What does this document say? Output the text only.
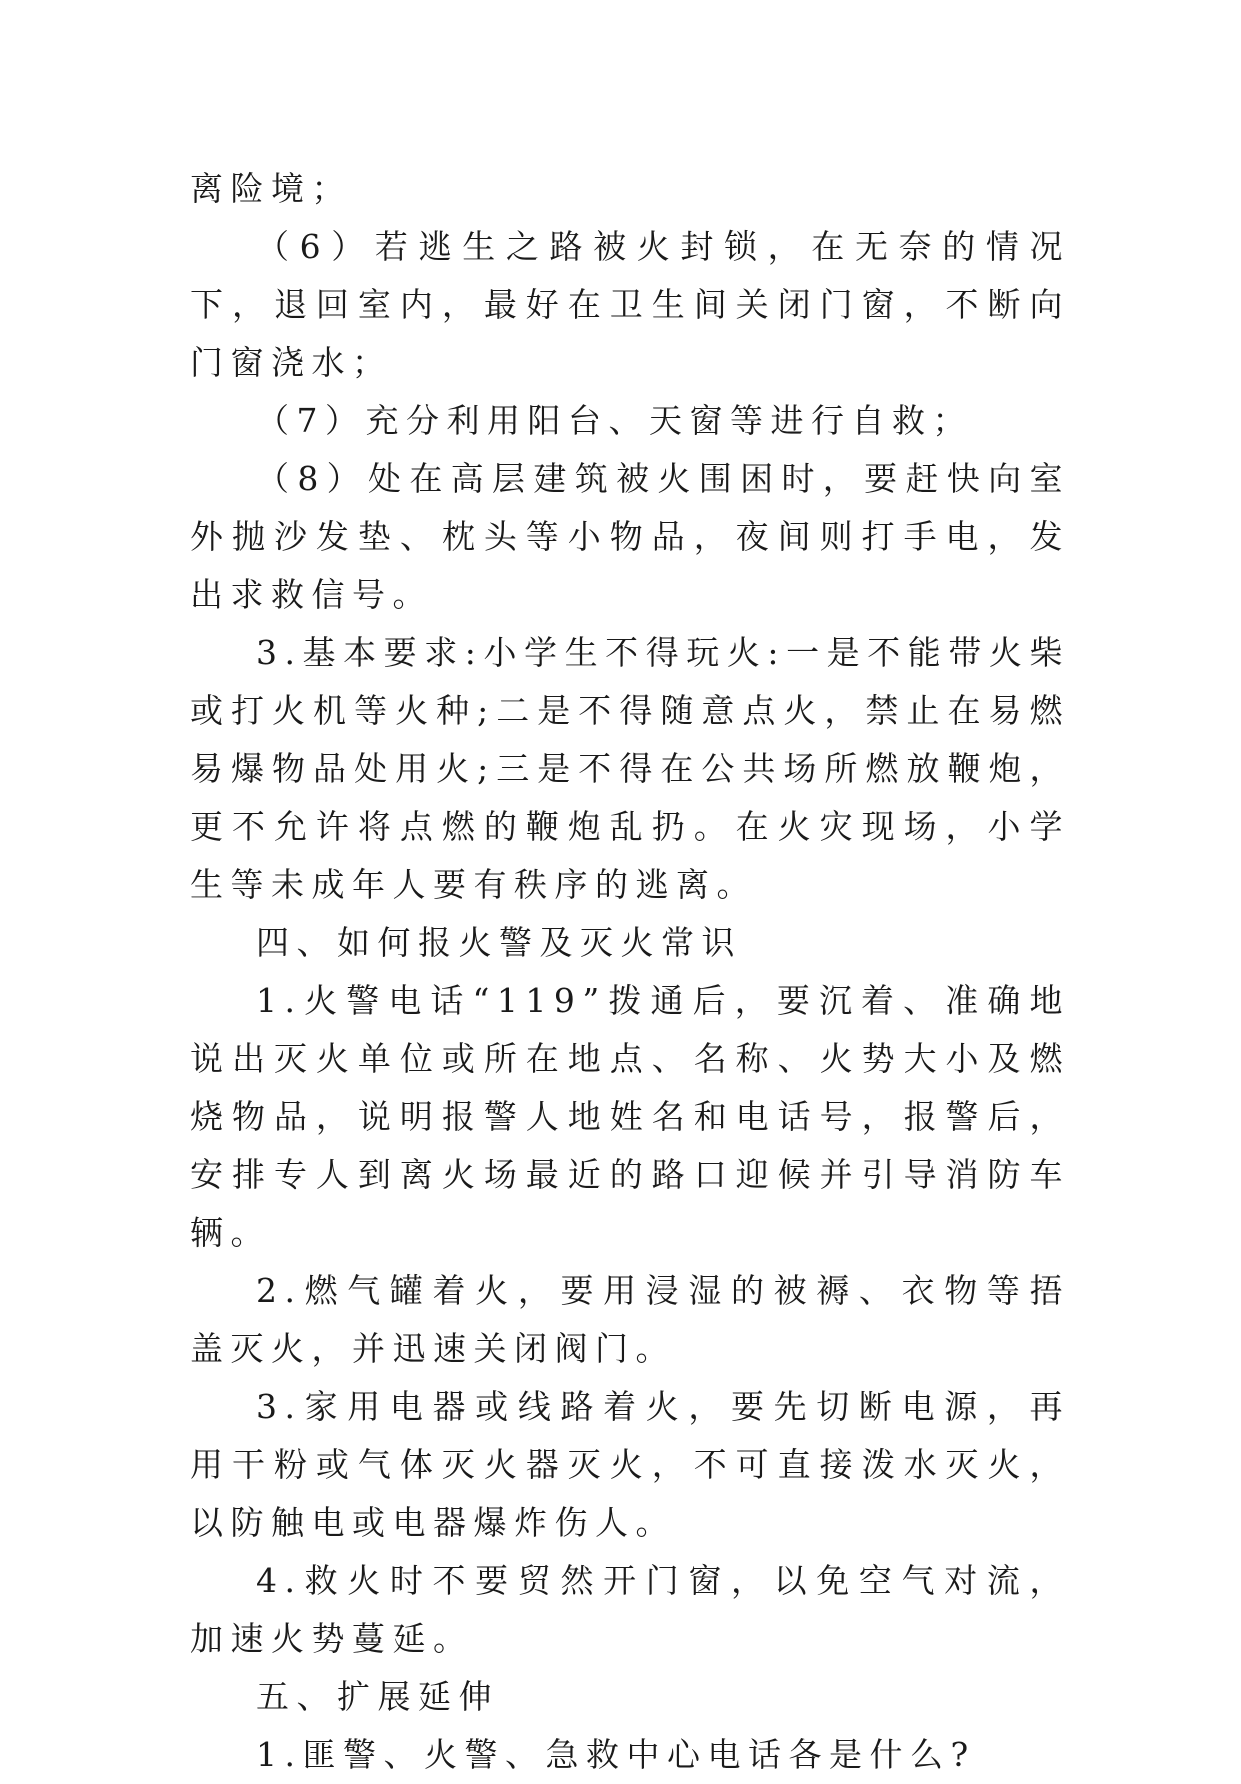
离险境；

（6）若逃生之路被火封锁，在无奈的情况下，退回室内，最好在卫生间关闭门窗，不断向门窗浇水；

（7）充分利用阳台、天窗等进行自救；

（8）处在高层建筑被火围困时，要赶快向室外抛沙发垫、枕头等小物品，夜间则打手电，发出求救信号。

3.基本要求:小学生不得玩火:一是不能带火柴或打火机等火种;二是不得随意点火，禁止在易燃易爆物品处用火;三是不得在公共场所燃放鞭炮，更不允许将点燃的鞭炮乱扔。在火灾现场，小学生等未成年人要有秩序的逃离。

四、如何报火警及灭火常识

1.火警电话“119”拨通后，要沉着、准确地说出灭火单位或所在地点、名称、火势大小及燃烧物品，说明报警人地姓名和电话号，报警后，安排专人到离火场最近的路口迎候并引导消防车辆。

2.燃气罐着火，要用浸湿的被褥、衣物等捂盖灭火，并迅速关闭阀门。

3.家用电器或线路着火，要先切断电源，再用干粉或气体灭火器灭火，不可直接泼水灭火，以防触电或电器爆炸伤人。

4.救火时不要贸然开门窗，以免空气对流，加速火势蔓延。

五、扩展延伸

1.匪警、火警、急救中心电话各是什么?
